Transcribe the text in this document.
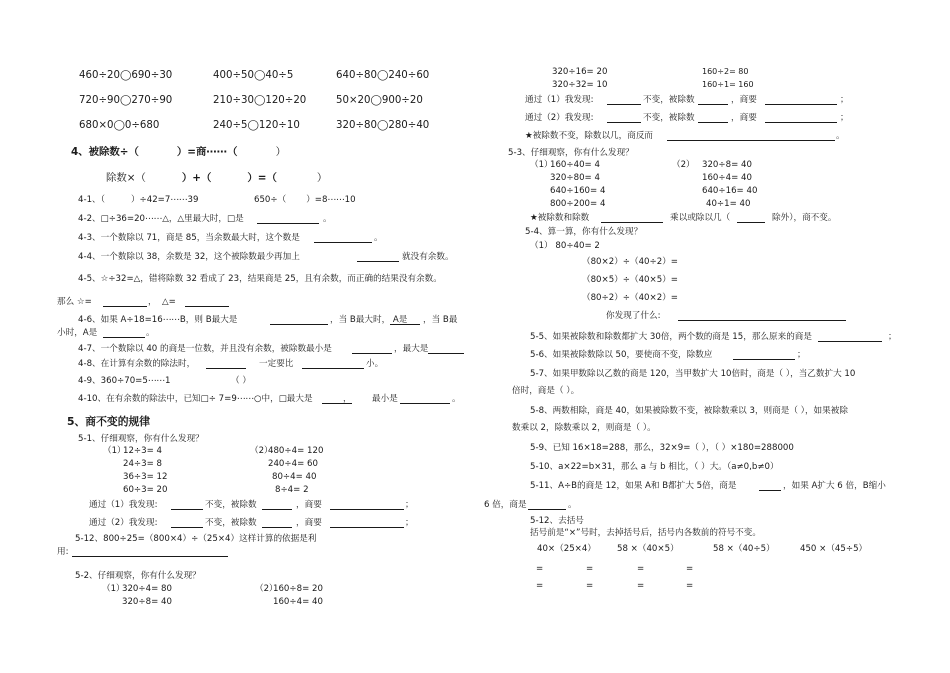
460÷20◯690÷30	400÷50◯40÷5	640÷80◯240÷60
720÷90◯270÷90	210÷30◯120÷20	50×20◯900÷20
680×0◯0÷680	240÷5◯120÷10	320÷80◯280÷40
4、被除数÷（	）=商⋯⋯（	）
除数×（	）+（	）=（	）
4-1、（	）÷42=7⋯⋯39	650÷（ ）=8⋯⋯10
4-2、□÷36=20⋯⋯△，△里最大时，□是	。
4-3、一个数除以 71，商是 85，当余数最大时，这个数是	。
4-4、一个数除以 38，余数是 32，这个被除数最少再加上	就没有余数。
4-5、☆÷32=△，错将除数 32 看成了 23，结果商是 25，且有余数，而正确的结果没有余数。
那么 ☆=	， △=
4-6、如果 A÷18=16⋯⋯B，则 B最大是	，当 B最大时， A是 ，当 B最
小时，A是	。
4-7、一个数除以 40 的商是一位数，并且没有余数，被除数最小是	，最大是
4-8、在计算有余数的除法时，	一定要比	小。
4-9、360÷70=5⋯⋯1	（ ）
4-10、在有余数的除法中，已知□÷ 7=9⋯⋯○中，□最大是	， 最小是	。
5、商不变的规律
5-1、仔细观察，你有什么发现？
（1）
12÷3= 4
24÷3= 8
36÷3= 12
60÷3= 20
（2）
480÷4= 120
240÷4= 60
80÷4= 40
8÷4= 2
通过（1）我发现:	不变，被除数	，商要	；
通过（2）我发现:	不变，被除数	，商要	；
5-12、800÷25=（800×4）÷（25×4）这样计算的依据是利
用:
5-2、仔细观察，你有什么发现？
（1）
320÷4= 80
320÷8= 40
（2）
160÷8= 20
160÷4= 40
320÷16= 20
320÷32= 10
160÷2= 80
160÷1= 160
通过（1）我发现:	不变，被除数	，商要	；
通过（2）我发现:	不变，被除数	，商要	；
★被除数不变，除数以几，商反而	。
5-3、仔细观察，你有什么发现？
（1）
160÷40= 4
320÷80= 4
640÷160= 4
800÷200= 4
（2） 320÷8= 40
160÷4= 40
640÷16= 40
40÷1= 40
★被除数和除数	乘以或除以几（	除外），商不变。
5-4、算一算，你有什么发现？
（1） 80÷40= 2
（80×2）÷（40÷2）=
（80×5）÷（40×5）=
（80÷2）÷（40×2）=
你发现了什么:
5-5、如果被除数和除数都扩大 30倍，两个数的商是 15，那么原来的商是	；
5-6、如果被除数除以 50，要使商不变，除数应	；
5-7、如果甲数除以乙数的商是 120，当甲数扩大 10倍时，商是（ ），当乙数扩大 10
倍时，商是（ ）。
5-8、两数相除，商是 40，如果被除数不变，被除数乘以 3，则商是（ ），如果被除
数乘以 2，除数乘以 2，则商是（ ）。
5-9、已知 16×18=288，那么，32×9=（ ），（ ）×180=288000
5-10、a×22=b×31，那么 a 与 b 相比，（ ）大。（a≠0,b≠0）
5-11、A÷B的商是 12，如果 A和 B都扩大 5倍，商是	，如果 A扩大 6 倍，B缩小
6 倍，商是	。
5-12、去括号
括号前是“×”号时，去掉括号后，括号内各数前的符号不变。
40×（25×4） 58 ×（40×5）	58 ×（40÷5）	450 ×（45÷5）
=	=	=	=
=	=	=	=
